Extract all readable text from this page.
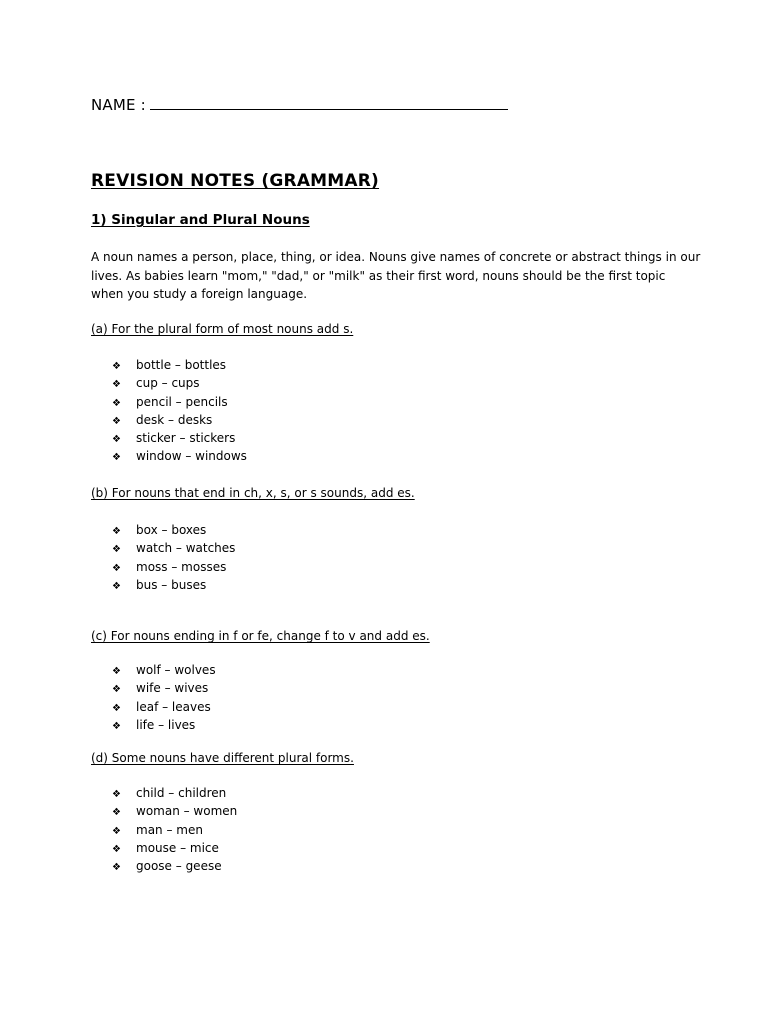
NAME :
REVISION NOTES (GRAMMAR)
1) Singular and Plural Nouns

A noun names a person, place, thing, or idea. Nouns give names of concrete or abstract things in our

lives. As babies learn "mom," "dad," or "milk" as their first word, nouns should be the first topic

when you study a foreign language.

(a) For the plural form of most nouns add s.
❖ bottle – bottles
❖ cup – cups
❖ pencil – pencils
❖ desk – desks
❖ sticker – stickers
❖ window – windows
(b) For nouns that end in ch, x, s, or s sounds, add es.
❖ box – boxes
❖ watch – watches
❖ moss – mosses
❖ bus – buses
(c) For nouns ending in f or fe, change f to v and add es.
❖ wolf – wolves
❖ wife – wives
❖ leaf – leaves
❖ life – lives
(d) Some nouns have different plural forms.
❖ child – children
❖ woman – women
❖ man – men
❖ mouse – mice
❖ goose – geese
